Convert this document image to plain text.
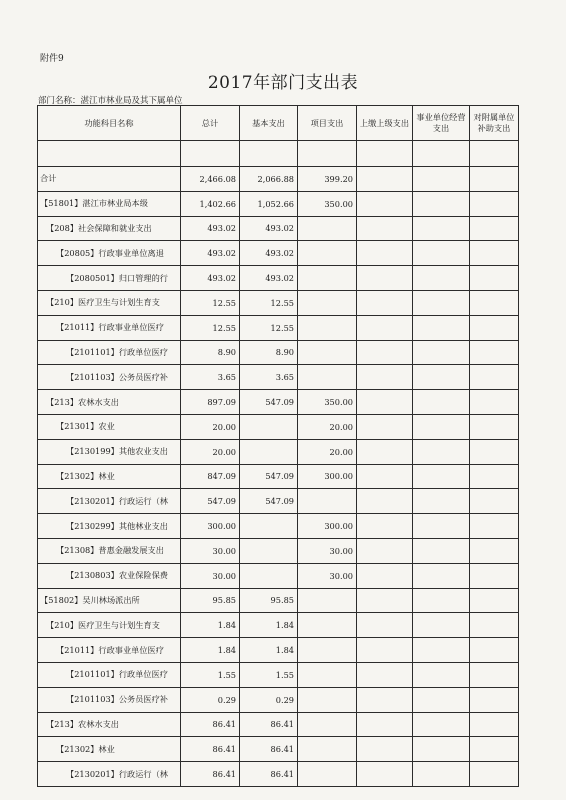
附件9
2017年部门支出表
部门名称：湛江市林业局及其下属单位
功能科目名称	总计	基本支出	项目支出	上缴上级支出	事业单位经营支出	对附属单位补助支出

合计	2,466.08	2,066.88	399.20			
【51801】湛江市林业局本级	1,402.66	1,052.66	350.00			
【208】社会保障和就业支出	493.02	493.02				
【20805】行政事业单位离退	493.02	493.02				
【2080501】归口管理的行	493.02	493.02				
【210】医疗卫生与计划生育支	12.55	12.55				
【21011】行政事业单位医疗	12.55	12.55				
【2101101】行政单位医疗	8.90	8.90				
【2101103】公务员医疗补	3.65	3.65				
【213】农林水支出	897.09	547.09	350.00			
【21301】农业	20.00		20.00			
【2130199】其他农业支出	20.00		20.00			
【21302】林业	847.09	547.09	300.00			
【2130201】行政运行（林	547.09	547.09				
【2130299】其他林业支出	300.00		300.00			
【21308】普惠金融发展支出	30.00		30.00			
【2130803】农业保险保费	30.00		30.00			
【51802】吴川林场派出所	95.85	95.85				
【210】医疗卫生与计划生育支	1.84	1.84				
【21011】行政事业单位医疗	1.84	1.84				
【2101101】行政单位医疗	1.55	1.55				
【2101103】公务员医疗补	0.29	0.29				
【213】农林水支出	86.41	86.41				
【21302】林业	86.41	86.41				
【2130201】行政运行（林	86.41	86.41				
